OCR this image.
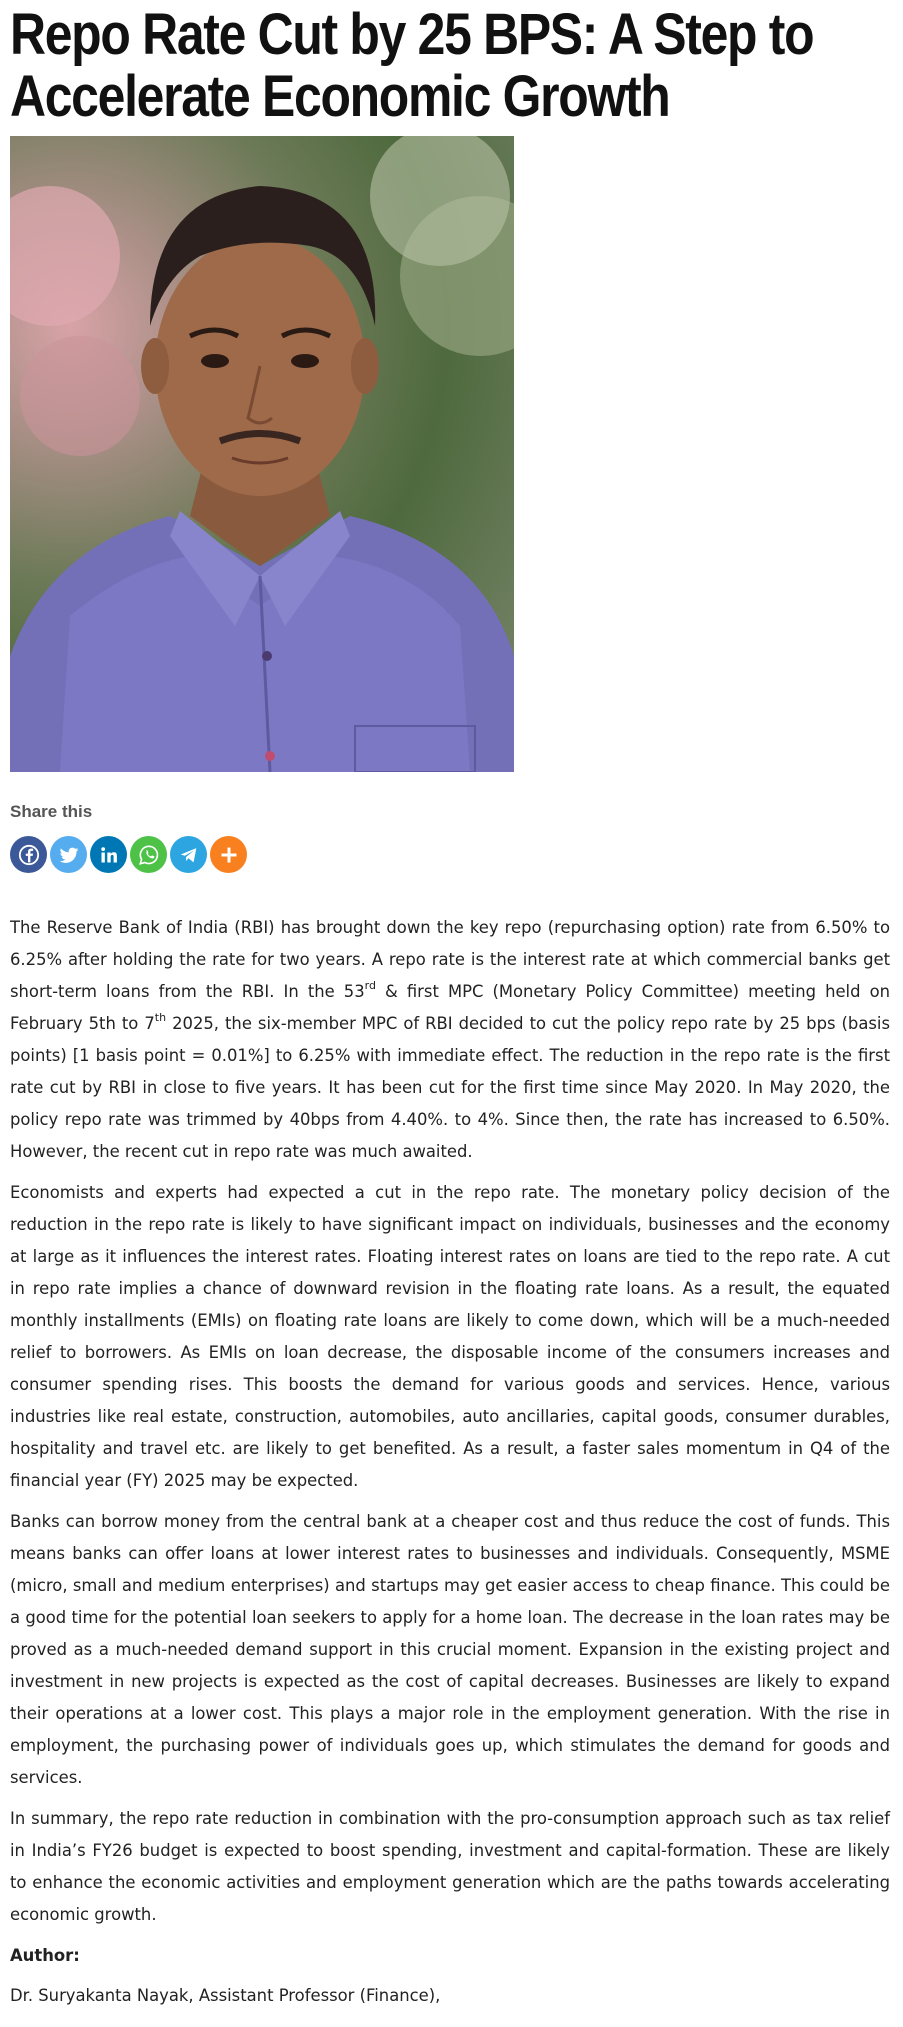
Repo Rate Cut by 25 BPS: A Step to Accelerate Economic Growth
Share this

The Reserve Bank of India (RBI) has brought down the key repo (repurchasing option) rate from 6.50% to 6.25% after holding the rate for two years. A repo rate is the interest rate at which commercial banks get short-term loans from the RBI. In the 53rd & first MPC (Monetary Policy Committee) meeting held on February 5th to 7th 2025, the six-member MPC of RBI decided to cut the policy repo rate by 25 bps (basis points) [1 basis point = 0.01%] to 6.25% with immediate effect. The reduction in the repo rate is the first rate cut by RBI in close to five years. It has been cut for the first time since May 2020. In May 2020, the policy repo rate was trimmed by 40bps from 4.40%. to 4%. Since then, the rate has increased to 6.50%. However, the recent cut in repo rate was much awaited.

Economists and experts had expected a cut in the repo rate. The monetary policy decision of the reduction in the repo rate is likely to have significant impact on individuals, businesses and the economy at large as it influences the interest rates. Floating interest rates on loans are tied to the repo rate. A cut in repo rate implies a chance of downward revision in the floating rate loans. As a result, the equated monthly installments (EMIs) on floating rate loans are likely to come down, which will be a much-needed relief to borrowers. As EMIs on loan decrease, the disposable income of the consumers increases and consumer spending rises. This boosts the demand for various goods and services. Hence, various industries like real estate, construction, automobiles, auto ancillaries, capital goods, consumer durables, hospitality and travel etc. are likely to get benefited. As a result, a faster sales momentum in Q4 of the financial year (FY) 2025 may be expected.

Banks can borrow money from the central bank at a cheaper cost and thus reduce the cost of funds. This means banks can offer loans at lower interest rates to businesses and individuals. Consequently, MSME (micro, small and medium enterprises) and startups may get easier access to cheap finance. This could be a good time for the potential loan seekers to apply for a home loan. The decrease in the loan rates may be proved as a much-needed demand support in this crucial moment. Expansion in the existing project and investment in new projects is expected as the cost of capital decreases. Businesses are likely to expand their operations at a lower cost. This plays a major role in the employment generation. With the rise in employment, the purchasing power of individuals goes up, which stimulates the demand for goods and services.

In summary, the repo rate reduction in combination with the pro-consumption approach such as tax relief in India’s FY26 budget is expected to boost spending, investment and capital-formation. These are likely to enhance the economic activities and employment generation which are the paths towards accelerating economic growth.

Author:
Dr. Suryakanta Nayak, Assistant Professor (Finance),
